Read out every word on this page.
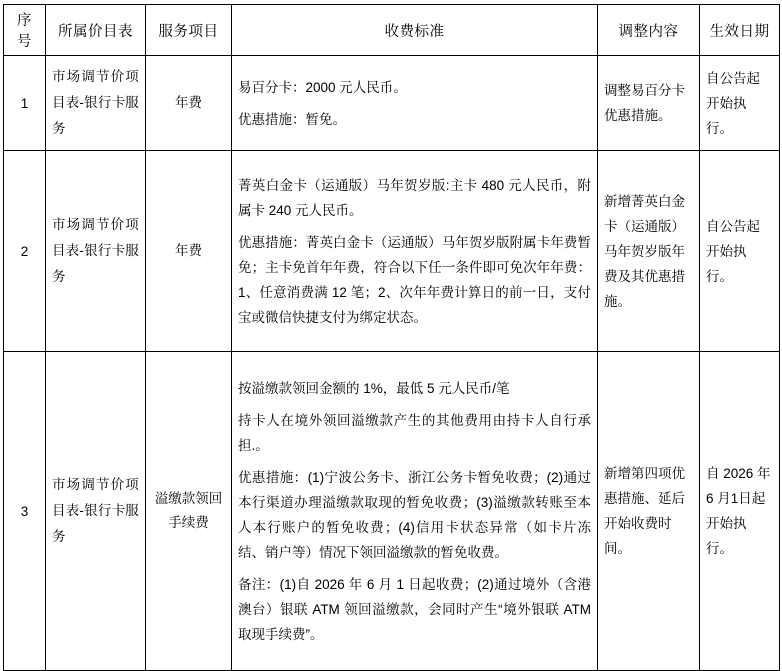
序号	所属价目表	服务项目	收费标准	调整内容	生效日期
1	市场调节价项目表-银行卡服务	年费	易百分卡：2000 元人民币。

优惠措施：暂免。	调整易百分卡优惠措施。	自公告起开始执行。
2	市场调节价项目表-银行卡服务	年费	菁英白金卡（运通版）马年贺岁版:主卡 480 元人民币，附属卡 240 元人民币。

优惠措施：菁英白金卡（运通版）马年贺岁版附属卡年费暂免；主卡免首年年费，符合以下任一条件即可免次年年费：1、任意消费满 12 笔；2、次年年费计算日的前一日，支付宝或微信快捷支付为绑定状态。	新增菁英白金卡（运通版）马年贺岁版年费及其优惠措施。	自公告起开始执行。
3	市场调节价项目表-银行卡服务	溢缴款领回手续费	按溢缴款领回金额的 1%，最低 5 元人民币/笔

持卡人在境外领回溢缴款产生的其他费用由持卡人自行承担.。

优惠措施：(1)宁波公务卡、浙江公务卡暂免收费；(2)通过本行渠道办理溢缴款取现的暂免收费；(3)溢缴款转账至本人本行账户的暂免收费；(4)信用卡状态异常（如卡片冻结、销户等）情况下领回溢缴款的暂免收费。

备注：(1)自 2026 年 6 月 1 日起收费；(2)通过境外（含港澳台）银联 ATM 领回溢缴款，会同时产生“境外银联 ATM 取现手续费”。	新增第四项优惠措施、延后开始收费时间。	自 2026 年 6 月1日起开始执行。
